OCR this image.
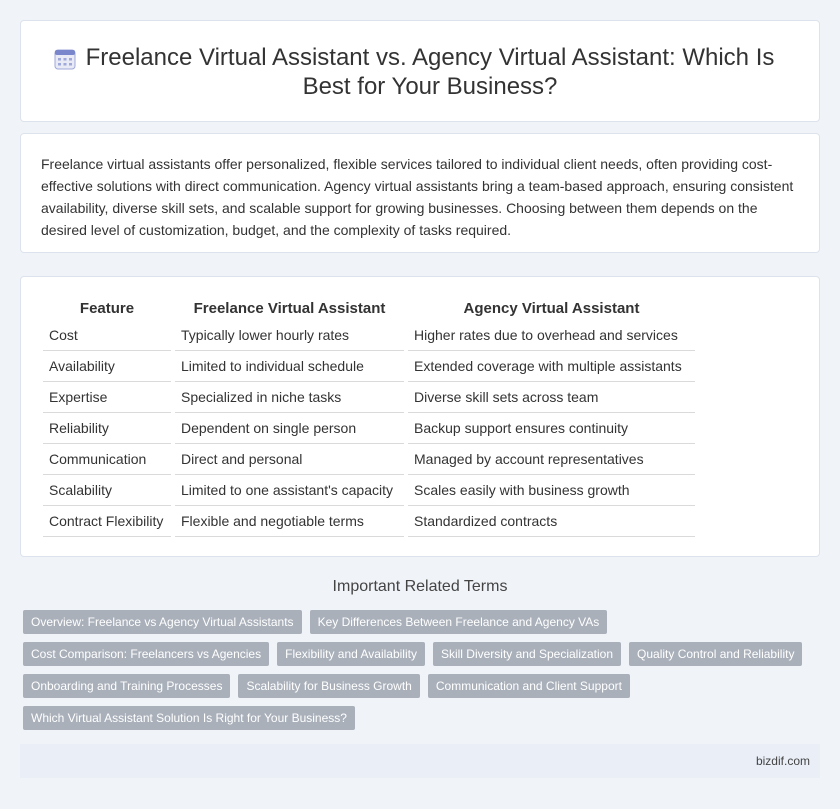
Freelance Virtual Assistant vs. Agency Virtual Assistant: Which Is Best for Your Business?

Freelance virtual assistants offer personalized, flexible services tailored to individual client needs, often providing cost-effective solutions with direct communication. Agency virtual assistants bring a team-based approach, ensuring consistent availability, diverse skill sets, and scalable support for growing businesses. Choosing between them depends on the desired level of customization, budget, and the complexity of tasks required.

Feature		Freelance Virtual Assistant		Agency Virtual Assistant
Cost		Typically lower hourly rates		Higher rates due to overhead and services
Availability		Limited to individual schedule		Extended coverage with multiple assistants
Expertise		Specialized in niche tasks		Diverse skill sets across team
Reliability		Dependent on single person		Backup support ensures continuity
Communication		Direct and personal		Managed by account representatives
Scalability		Limited to one assistant's capacity		Scales easily with business growth
Contract Flexibility		Flexible and negotiable terms		Standardized contracts
Important Related Terms
Overview: Freelance vs Agency Virtual Assistants Key Differences Between Freelance and Agency VAs
Cost Comparison: Freelancers vs Agencies Flexibility and Availability Skill Diversity and Specialization Quality Control and Reliability
Onboarding and Training Processes Scalability for Business Growth Communication and Client Support
Which Virtual Assistant Solution Is Right for Your Business?
bizdif.com
